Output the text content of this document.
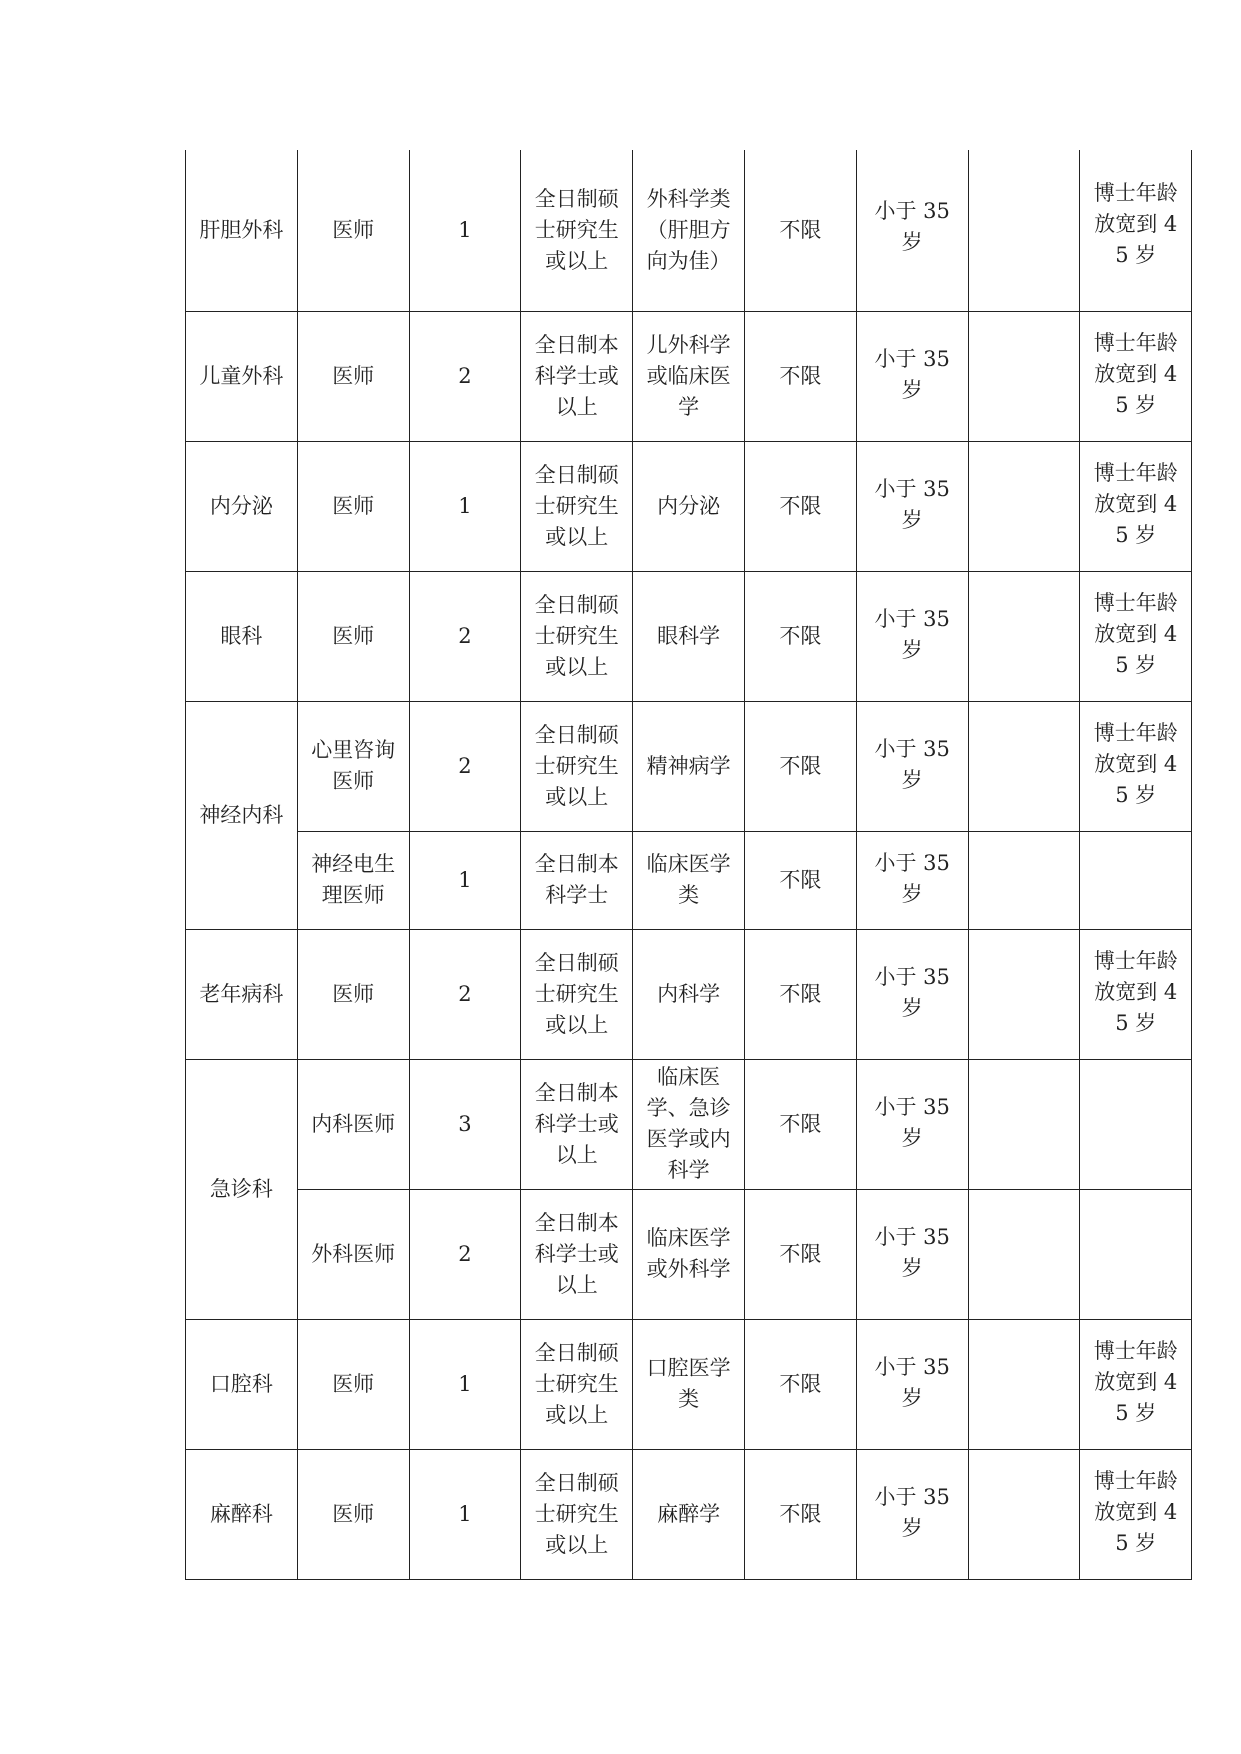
肝胆外科	医师	1	全日制硕士研究生或以上	外科学类（肝胆方向为佳）	不限	小于 35 岁		博士年龄放宽到 45 岁
儿童外科	医师	2	全日制本科学士或以上	儿外科学或临床医学	不限	小于 35 岁		博士年龄放宽到 45 岁
内分泌	医师	1	全日制硕士研究生或以上	内分泌	不限	小于 35 岁		博士年龄放宽到 45 岁
眼科	医师	2	全日制硕士研究生或以上	眼科学	不限	小于 35 岁		博士年龄放宽到 45 岁
神经内科	心里咨询医师	2	全日制硕士研究生或以上	精神病学	不限	小于 35 岁		博士年龄放宽到 45 岁
	神经电生理医师	1	全日制本科学士	临床医学类	不限	小于 35 岁		
老年病科	医师	2	全日制硕士研究生或以上	内科学	不限	小于 35 岁		博士年龄放宽到 45 岁
急诊科	内科医师	3	全日制本科学士或以上	临床医学、急诊医学或内科学	不限	小于 35 岁		
	外科医师	2	全日制本科学士或以上	临床医学或外科学	不限	小于 35 岁		
口腔科	医师	1	全日制硕士研究生或以上	口腔医学类	不限	小于 35 岁		博士年龄放宽到 45 岁
麻醉科	医师	1	全日制硕士研究生或以上	麻醉学	不限	小于 35 岁		博士年龄放宽到 45 岁
